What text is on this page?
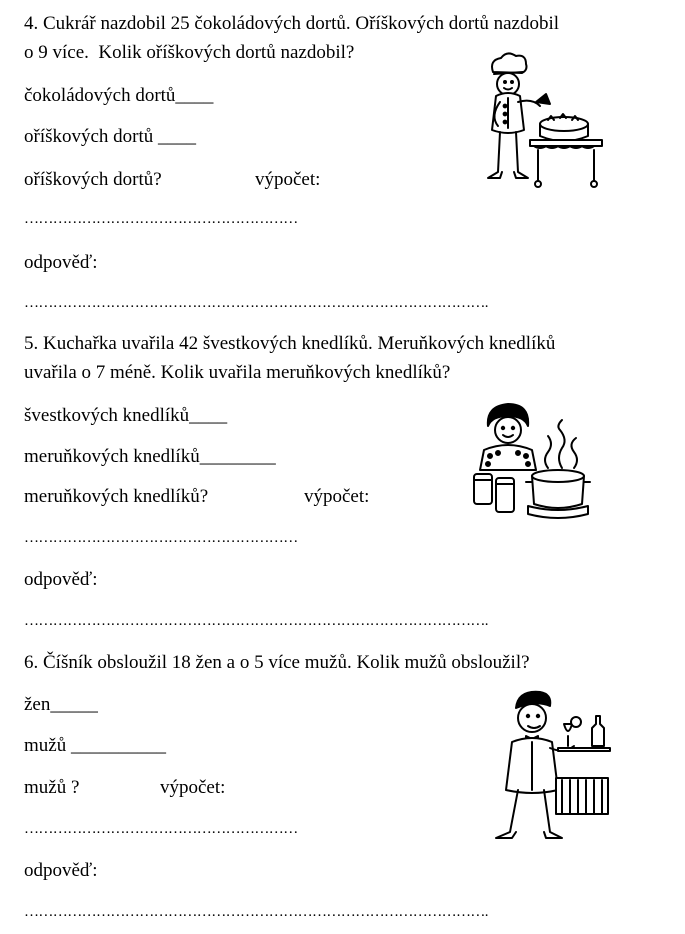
4. Cukrář nazdobil 25 čokoládových dortů. Oříškových dortů nazdobil
o 9 více.  Kolik oříškových dortů nazdobil?
čokoládových dortů____
oříškových dortů ____
oříškových dortů?	výpočet:
…………………………………………………
odpověď:
…………………………………………………………………………………….
5. Kuchařka uvařila 42 švestkových knedlíků. Meruňkových knedlíků
uvařila o 7 méně. Kolik uvařila meruňkových knedlíků?
švestkových knedlíků____
meruňkových knedlíků________
meruňkových knedlíků?	výpočet:
…………………………………………………
odpověď:
…………………………………………………………………………………….
6. Číšník obsloužil 18 žen a o 5 více mužů. Kolik mužů obsloužil?
žen_____
mužů __________
mužů ?	výpočet:
…………………………………………………
odpověď:
…………………………………………………………………………………….
